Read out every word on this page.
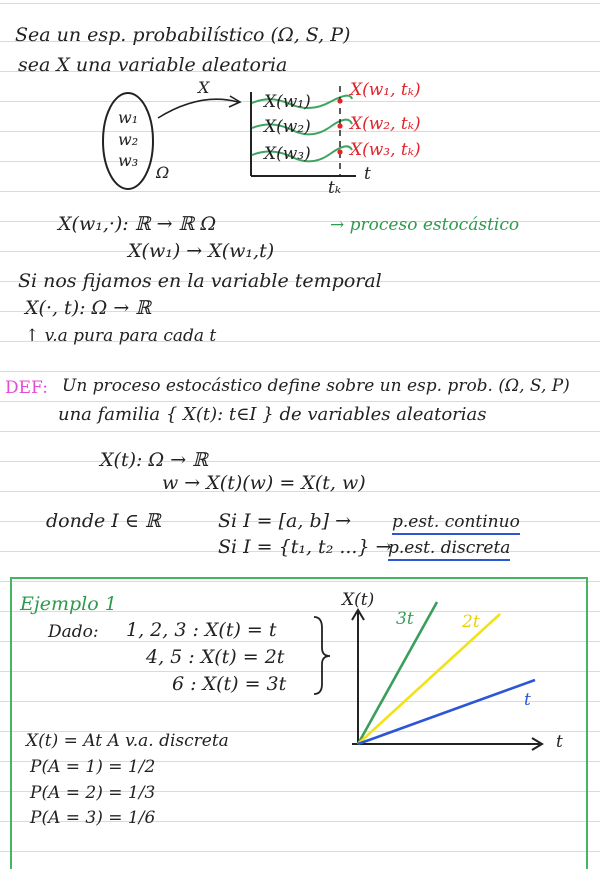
Sea un esp. probabilístico (Ω, S, P)
sea X una variable aleatoria
w₁
w₂
w₃
Ω
X
X(w₁)
X(w₂)
X(w₃)
X(w₁, tₖ)
X(w₂, tₖ)
X(w₃, tₖ)
tₖ
t
X(w₁,·): ℝ → ℝ Ω	→ proceso estocástico
X(w₁) → X(w₁,t)
Si nos fijamos en la variable temporal
X(·, t): Ω → ℝ
↑ v.a pura para cada t
DEF: Un proceso estocástico define sobre un esp. prob. (Ω, S, P)
una familia { X(t): t∈I } de variables aleatorias
X(t): Ω → ℝ
w → X(t)(w) = X(t, w)
donde I ∈ ℝ	Si I = [a, b] → p.est. continuo
Si I = {t₁, t₂ ...} →
p.est. discreta
Ejemplo 1
Dado: 1, 2, 3 : X(t) = t
4, 5 : X(t) = 2t
6 : X(t) = 3t
X(t) = At A v.a. discreta
P(A = 1) = 1/2
P(A = 2) = 1/3
P(A = 3) = 1/6
X(t)
t
3t	2t
t
